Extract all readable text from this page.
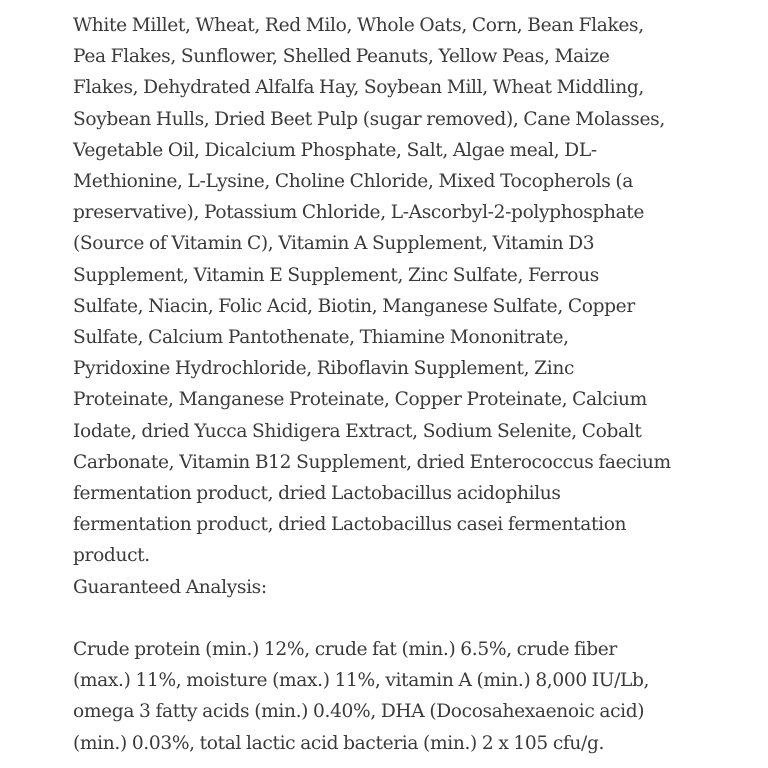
White Millet, Wheat, Red Milo, Whole Oats, Corn, Bean Flakes,
Pea Flakes, Sunflower, Shelled Peanuts, Yellow Peas, Maize
Flakes, Dehydrated Alfalfa Hay, Soybean Mill, Wheat Middling,
Soybean Hulls, Dried Beet Pulp (sugar removed), Cane Molasses,
Vegetable Oil, Dicalcium Phosphate, Salt, Algae meal, DL-
Methionine, L-Lysine, Choline Chloride, Mixed Tocopherols (a
preservative), Potassium Chloride, L-Ascorbyl-2-polyphosphate
(Source of Vitamin C), Vitamin A Supplement, Vitamin D3
Supplement, Vitamin E Supplement, Zinc Sulfate, Ferrous
Sulfate, Niacin, Folic Acid, Biotin, Manganese Sulfate, Copper
Sulfate, Calcium Pantothenate, Thiamine Mononitrate,
Pyridoxine Hydrochloride, Riboflavin Supplement, Zinc
Proteinate, Manganese Proteinate, Copper Proteinate, Calcium
Iodate, dried Yucca Shidigera Extract, Sodium Selenite, Cobalt
Carbonate, Vitamin B12 Supplement, dried Enterococcus faecium
fermentation product, dried Lactobacillus acidophilus
fermentation product, dried Lactobacillus casei fermentation
product.
Guaranteed Analysis:
Crude protein (min.) 12%, crude fat (min.) 6.5%, crude fiber
(max.) 11%, moisture (max.) 11%, vitamin A (min.) 8,000 IU/Lb,
omega 3 fatty acids (min.) 0.40%, DHA (Docosahexaenoic acid)
(min.) 0.03%, total lactic acid bacteria (min.) 2 x 105 cfu/g.
